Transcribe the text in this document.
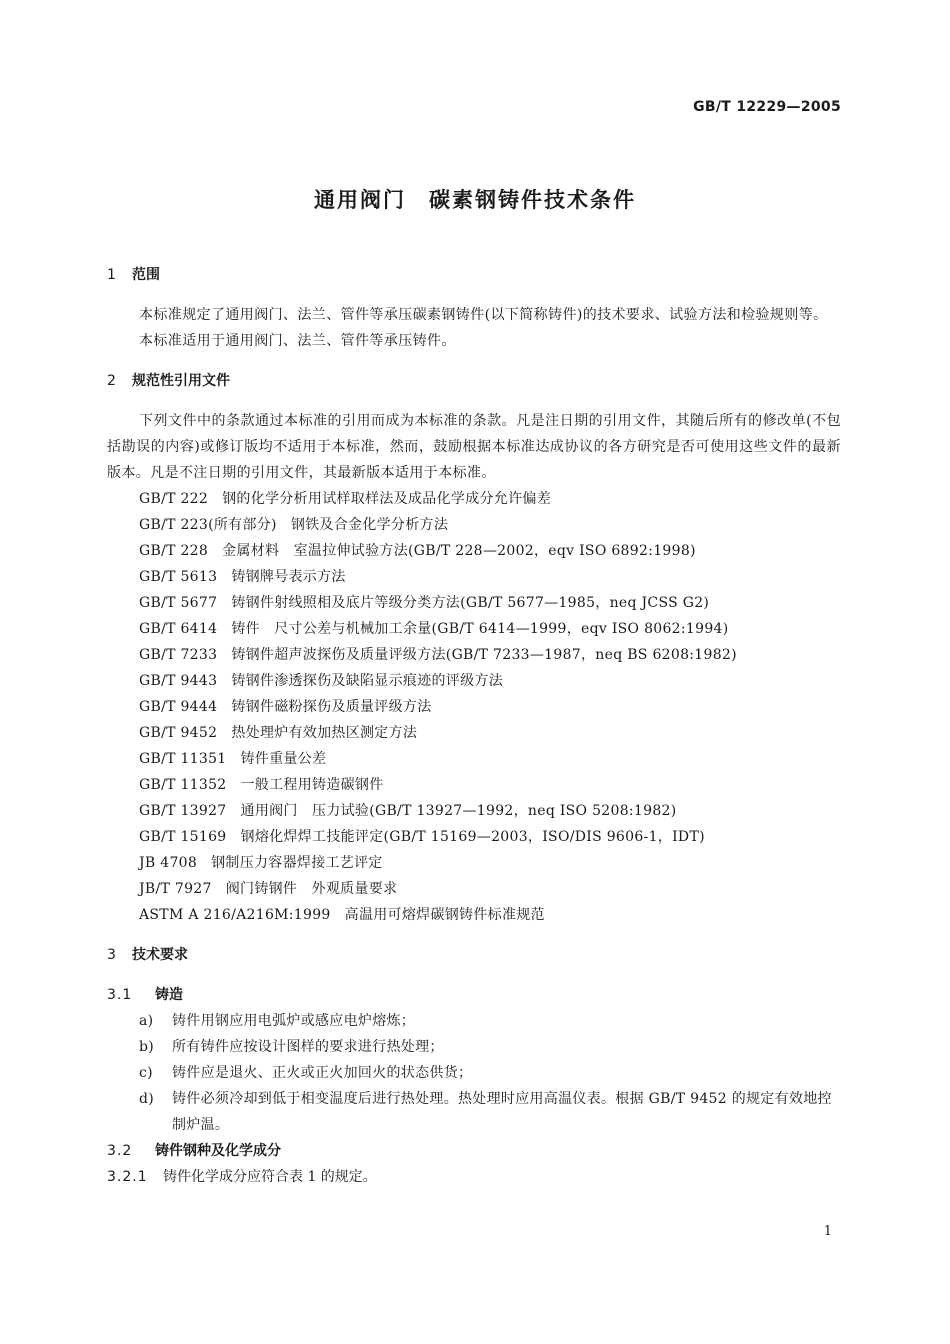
GB/T 12229—2005
通用阀门　碳素钢铸件技术条件

1 范围

本标准规定了通用阀门、法兰、管件等承压碳素钢铸件(以下简称铸件)的技术要求、试验方法和检验规则等。

本标准适用于通用阀门、法兰、管件等承压铸件。

2 规范性引用文件

下列文件中的条款通过本标准的引用而成为本标准的条款。凡是注日期的引用文件，其随后所有的修改单(不包括勘误的内容)或修订版均不适用于本标准，然而，鼓励根据本标准达成协议的各方研究是否可使用这些文件的最新版本。凡是不注日期的引用文件，其最新版本适用于本标准。

GB/T 222 钢的化学分析用试样取样法及成品化学成分允许偏差
GB/T 223(所有部分) 钢铁及合金化学分析方法
GB/T 228 金属材料　室温拉伸试验方法(GB/T 228—2002，eqv ISO 6892:1998)
GB/T 5613 铸钢牌号表示方法
GB/T 5677 铸钢件射线照相及底片等级分类方法(GB/T 5677—1985，neq JCSS G2)
GB/T 6414 铸件　尺寸公差与机械加工余量(GB/T 6414—1999，eqv ISO 8062:1994)
GB/T 7233 铸钢件超声波探伤及质量评级方法(GB/T 7233—1987，neq BS 6208:1982)
GB/T 9443 铸钢件渗透探伤及缺陷显示痕迹的评级方法
GB/T 9444 铸钢件磁粉探伤及质量评级方法
GB/T 9452 热处理炉有效加热区测定方法
GB/T 11351 铸件重量公差
GB/T 11352 一般工程用铸造碳钢件
GB/T 13927 通用阀门　压力试验(GB/T 13927—1992，neq ISO 5208:1982)
GB/T 15169 钢熔化焊焊工技能评定(GB/T 15169—2003，ISO/DIS 9606-1，IDT)
JB 4708 钢制压力容器焊接工艺评定
JB/T 7927 阀门铸钢件　外观质量要求
ASTM A 216/A216M:1999 高温用可熔焊碳钢铸件标准规范

3 技术要求

3.1 铸造

a) 铸件用钢应用电弧炉或感应电炉熔炼；
b) 所有铸件应按设计图样的要求进行热处理；
c) 铸件应是退火、正火或正火加回火的状态供货；
d) 铸件必须冷却到低于相变温度后进行热处理。热处理时应用高温仪表。根据 GB/T 9452 的规定有效地控制炉温。

3.2 铸件钢种及化学成分

3.2.1 铸件化学成分应符合表 1 的规定。

1
